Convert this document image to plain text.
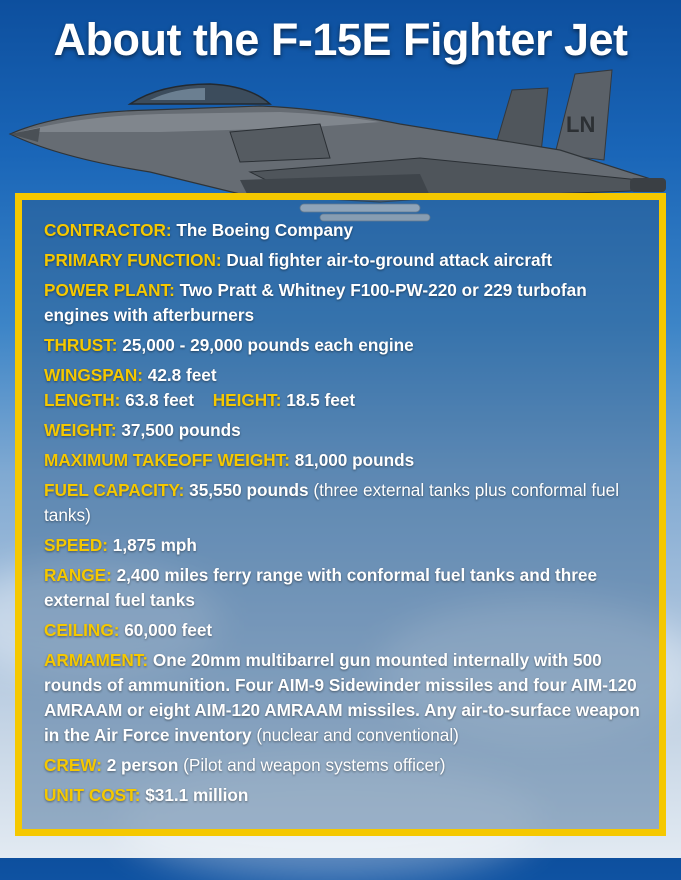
About the F-15E Fighter Jet
LN
CONTRACTOR: The Boeing Company
PRIMARY FUNCTION: Dual fighter air-to-ground attack aircraft
POWER PLANT: Two Pratt & Whitney F100-PW-220 or 229 turbofan engines with afterburners
THRUST: 25,000 - 29,000 pounds each engine
WINGSPAN: 42.8 feet
LENGTH: 63.8 feet HEIGHT: 18.5 feet
WEIGHT: 37,500 pounds
MAXIMUM TAKEOFF WEIGHT: 81,000 pounds
FUEL CAPACITY: 35,550 pounds (three external tanks plus conformal fuel tanks)
SPEED: 1,875 mph
RANGE: 2,400 miles ferry range with conformal fuel tanks and three external fuel tanks
CEILING: 60,000 feet
ARMAMENT: One 20mm multibarrel gun mounted internally with 500 rounds of ammunition. Four AIM-9 Sidewinder missiles and four AIM-120 AMRAAM or eight AIM-120 AMRAAM missiles. Any air-to-surface weapon in the Air Force inventory (nuclear and conventional)
CREW: 2 person (Pilot and weapon systems officer)
UNIT COST: $31.1 million
